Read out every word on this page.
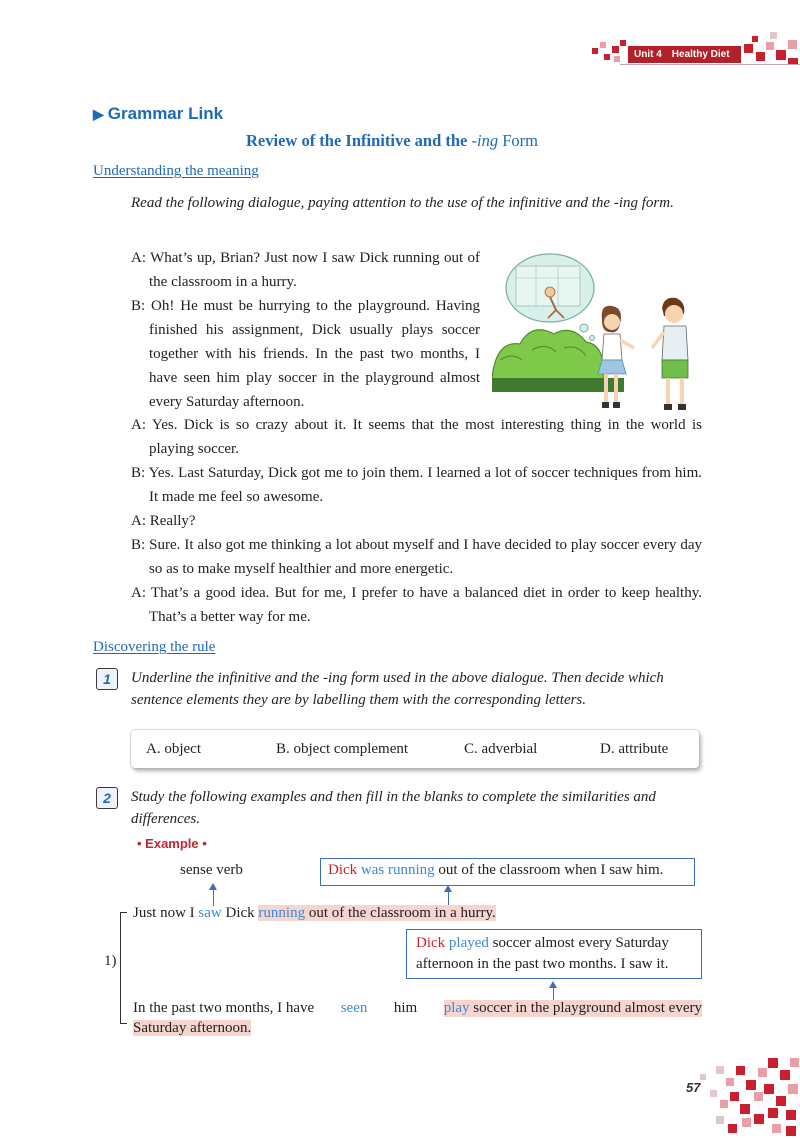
Unit 4 Healthy Diet
▶ Grammar Link
Review of the Infinitive and the -ing Form
Understanding the meaning
Read the following dialogue, paying attention to the use of the infinitive and the -ing form.
A: What’s up, Brian? Just now I saw Dick running out of the classroom in a hurry.
B: Oh! He must be hurrying to the playground. Having finished his assignment, Dick usually plays soccer together with his friends. In the past two months, I have seen him play soccer in the playground almost every Saturday afternoon.
A: Yes. Dick is so crazy about it. It seems that the most interesting thing in the world is playing soccer.
B: Yes. Last Saturday, Dick got me to join them. I learned a lot of soccer techniques from him. It made me feel so awesome.
A: Really?
B: Sure. It also got me thinking a lot about myself and I have decided to play soccer every day so as to make myself healthier and more energetic.
A: That’s a good idea. But for me, I prefer to have a balanced diet in order to keep healthy. That’s a better way for me.
Discovering the rule
1	Underline the infinitive and the -ing form used in the above dialogue. Then decide which sentence elements they are by labelling them with the corresponding letters.
A. object	B. object complement	C. adverbial	D. attribute
2	Study the following examples and then fill in the blanks to complete the similarities and differences.
• Example •
sense verb	Dick was running out of the classroom when I saw him.
1)
Just now I saw Dick running out of the classroom in a hurry.
Dick played soccer almost every Saturday afternoon in the past two months. I saw it.
In the past two months, I have seen him play soccer in the playground almost every
Saturday afternoon.
57
